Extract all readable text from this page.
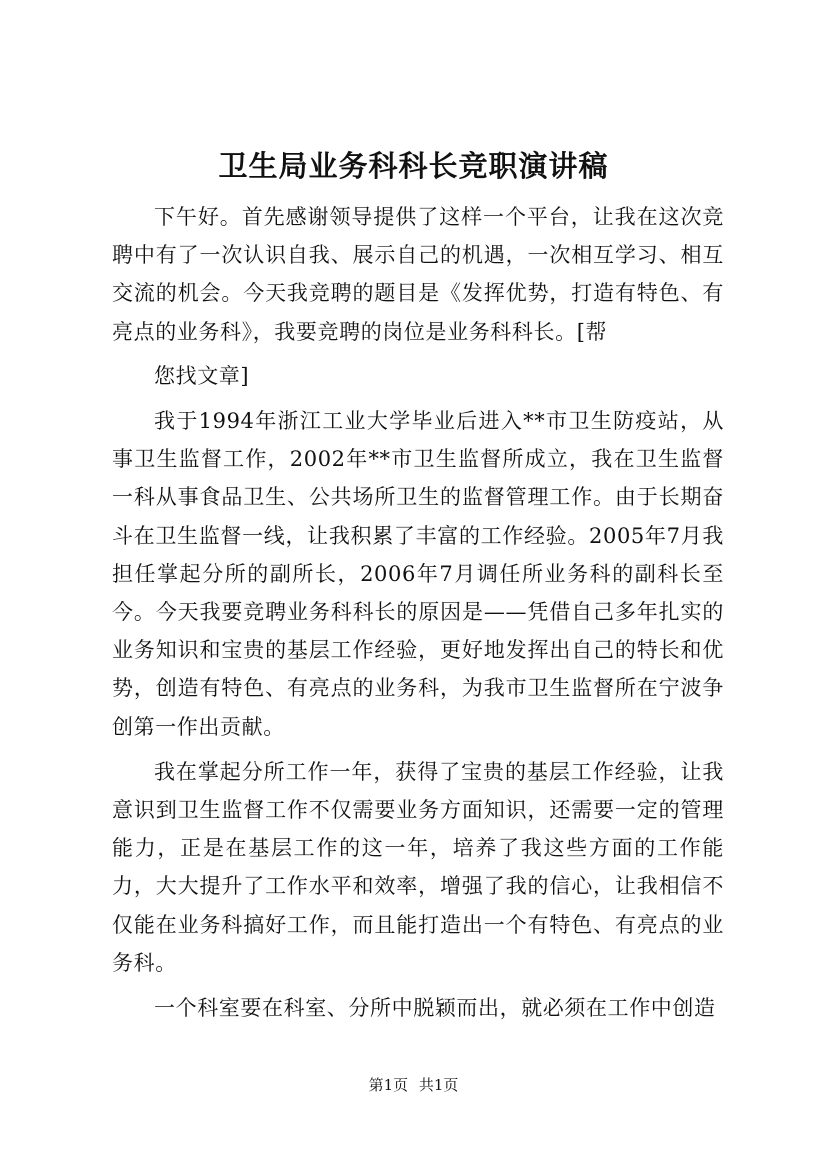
卫生局业务科科长竞职演讲稿

下午好。首先感谢领导提供了这样一个平台，让我在这次竞聘中有了一次认识自我、展示自己的机遇，一次相互学习、相互交流的机会。今天我竞聘的题目是《发挥优势，打造有特色、有亮点的业务科》，我要竞聘的岗位是业务科科长。[帮

您找文章]

我于1994年浙江工业大学毕业后进入**市卫生防疫站，从事卫生监督工作，2002年**市卫生监督所成立，我在卫生监督一科从事食品卫生、公共场所卫生的监督管理工作。由于长期奋斗在卫生监督一线，让我积累了丰富的工作经验。2005年7月我担任掌起分所的副所长，2006年7月调任所业务科的副科长至今。今天我要竞聘业务科科长的原因是——凭借自己多年扎实的业务知识和宝贵的基层工作经验，更好地发挥出自己的特长和优势，创造有特色、有亮点的业务科，为我市卫生监督所在宁波争创第一作出贡献。

我在掌起分所工作一年，获得了宝贵的基层工作经验，让我意识到卫生监督工作不仅需要业务方面知识，还需要一定的管理能力，正是在基层工作的这一年，培养了我这些方面的工作能力，大大提升了工作水平和效率，增强了我的信心，让我相信不仅能在业务科搞好工作，而且能打造出一个有特色、有亮点的业务科。

一个科室要在科室、分所中脱颖而出，就必须在工作中创造

第1页 共1页
